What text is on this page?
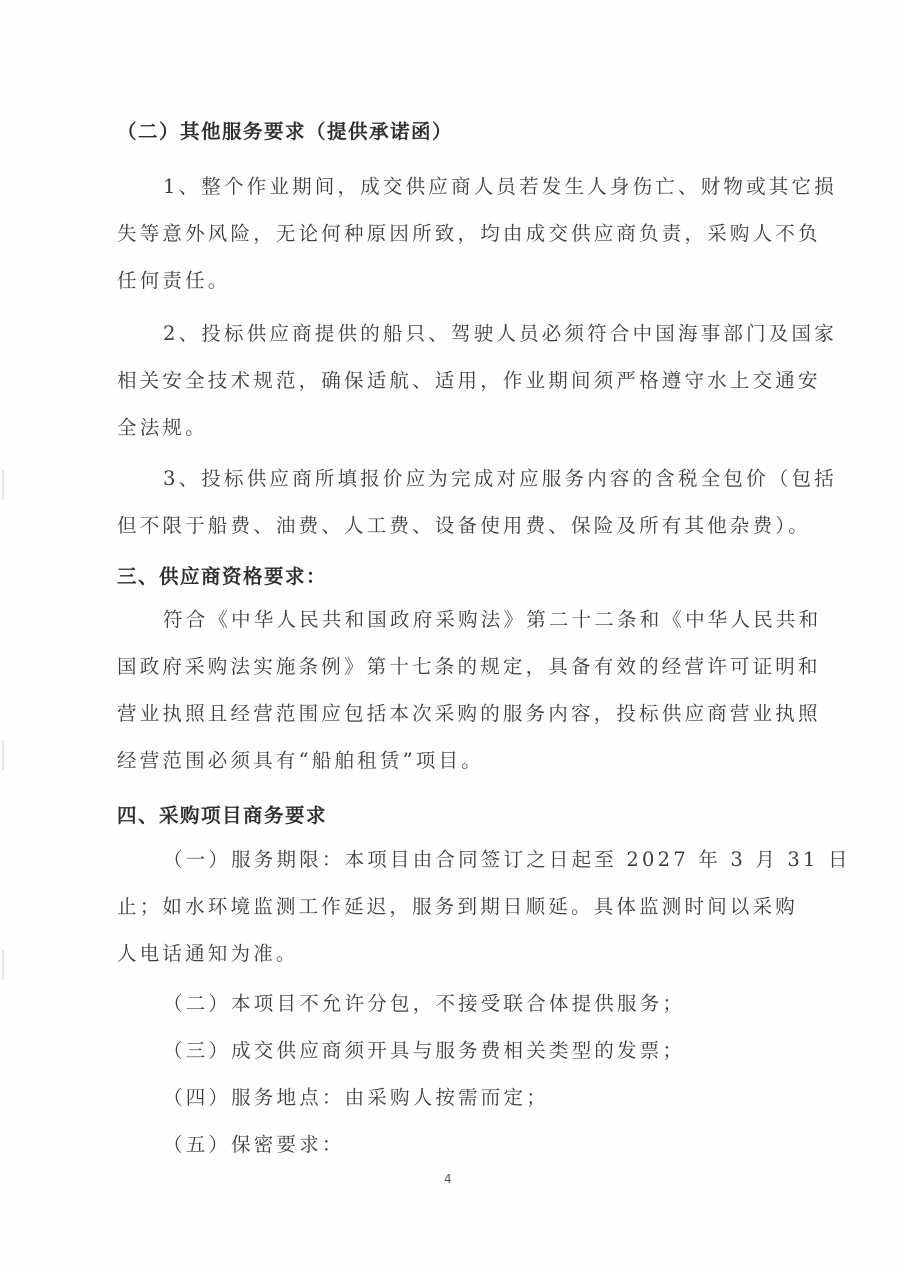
（二）其他服务要求（提供承诺函）
1、整个作业期间，成交供应商人员若发生人身伤亡、财物或其它损
失等意外风险，无论何种原因所致，均由成交供应商负责，采购人不负
任何责任。
2、投标供应商提供的船只、驾驶人员必须符合中国海事部门及国家
相关安全技术规范，确保适航、适用，作业期间须严格遵守水上交通安
全法规。
3、投标供应商所填报价应为完成对应服务内容的含税全包价（包括
但不限于船费、油费、人工费、设备使用费、保险及所有其他杂费）。
三、供应商资格要求：
符合《中华人民共和国政府采购法》第二十二条和《中华人民共和
国政府采购法实施条例》第十七条的规定，具备有效的经营许可证明和
营业执照且经营范围应包括本次采购的服务内容，投标供应商营业执照
经营范围必须具有“船舶租赁”项目。
四、采购项目商务要求
（一）服务期限：本项目由合同签订之日起至 2027 年 3 月 31 日
止；如水环境监测工作延迟，服务到期日顺延。具体监测时间以采购
人电话通知为准。
（二）本项目不允许分包，不接受联合体提供服务；
（三）成交供应商须开具与服务费相关类型的发票；
（四）服务地点：由采购人按需而定；
（五）保密要求：
4
